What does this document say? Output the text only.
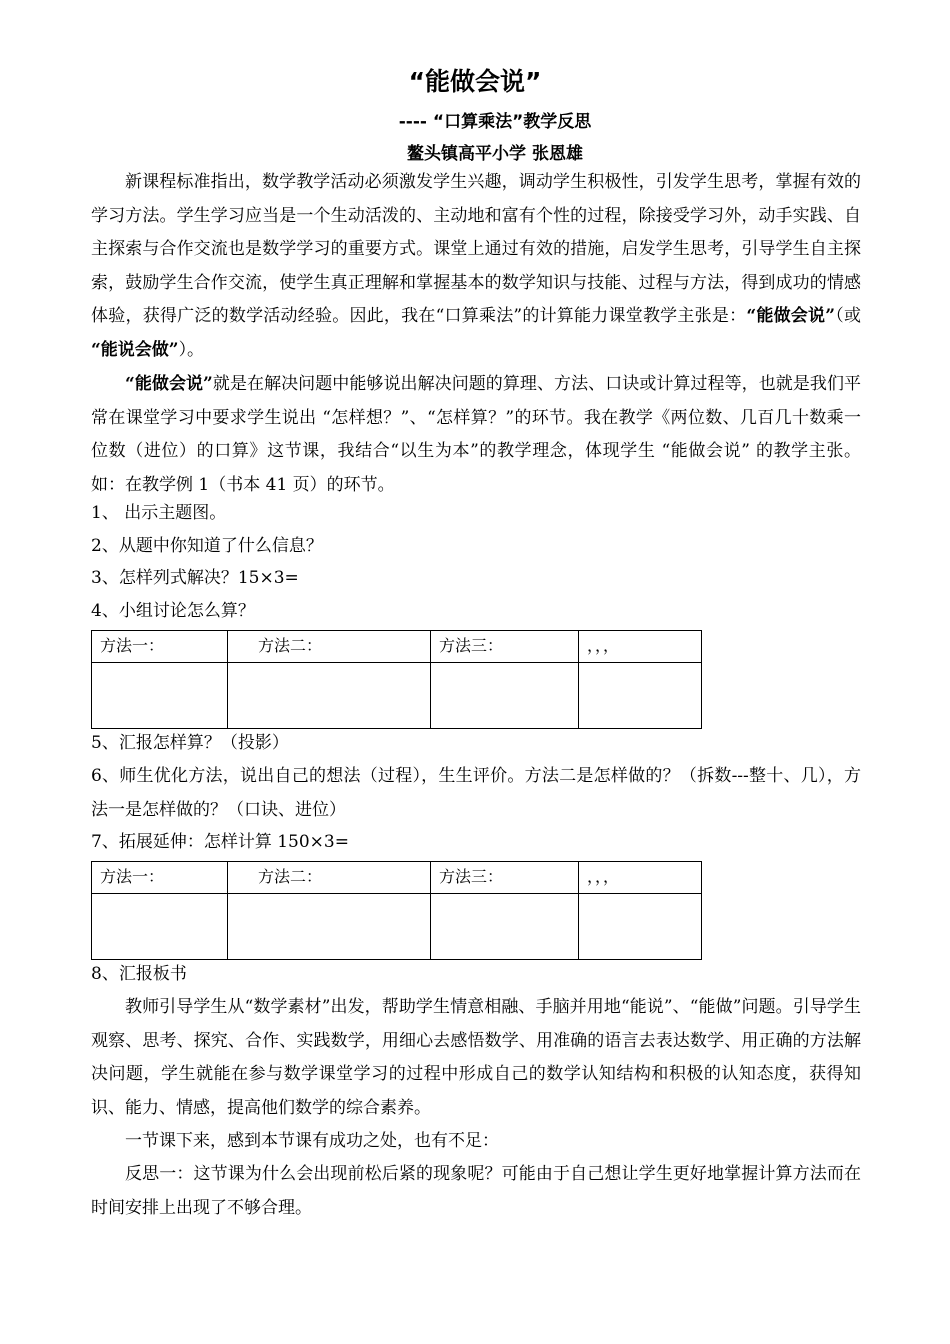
“能做会说”
---- “口算乘法”教学反思
鳌头镇高平小学 张恩雄

新课程标准指出，数学教学活动必须激发学生兴趣，调动学生积极性，引发学生思考，掌握有效的学习方法。学生学习应当是一个生动活泼的、主动地和富有个性的过程，除接受学习外，动手实践、自主探索与合作交流也是数学学习的重要方式。课堂上通过有效的措施，启发学生思考，引导学生自主探索，鼓励学生合作交流，使学生真正理解和掌握基本的数学知识与技能、过程与方法，得到成功的情感体验，获得广泛的数学活动经验。因此，我在“口算乘法”的计算能力课堂教学主张是：“能做会说”（或 “能说会做”）。

“能做会说”就是在解决问题中能够说出解决问题的算理、方法、口诀或计算过程等，也就是我们平常在课堂学习中要求学生说出 “怎样想？”、“怎样算？”的环节。我在教学《两位数、几百几十数乘一位数（进位）的口算》这节课，我结合“以生为本”的教学理念，体现学生 “能做会说” 的教学主张。如：在教学例 1（书本 41 页）的环节。

1、 出示主题图。

2、从题中你知道了什么信息？

3、怎样列式解决？15×3=

4、小组讨论怎么算？

方法一：	方法二：	方法三：	，，，

5、汇报怎样算？（投影）

6、师生优化方法，说出自己的想法（过程），生生评价。方法二是怎样做的？（拆数---整十、几），方法一是怎样做的？（口诀、进位）

7、拓展延伸：怎样计算 150×3=

方法一：	方法二：	方法三：	，，，

8、汇报板书

教师引导学生从“数学素材”出发，帮助学生情意相融、手脑并用地“能说”、“能做”问题。引导学生观察、思考、探究、合作、实践数学，用细心去感悟数学、用准确的语言去表达数学、用正确的方法解决问题，学生就能在参与数学课堂学习的过程中形成自己的数学认知结构和积极的认知态度，获得知识、能力、情感，提高他们数学的综合素养。

一节课下来，感到本节课有成功之处，也有不足：

反思一：这节课为什么会出现前松后紧的现象呢？可能由于自己想让学生更好地掌握计算方法而在时间安排上出现了不够合理。
